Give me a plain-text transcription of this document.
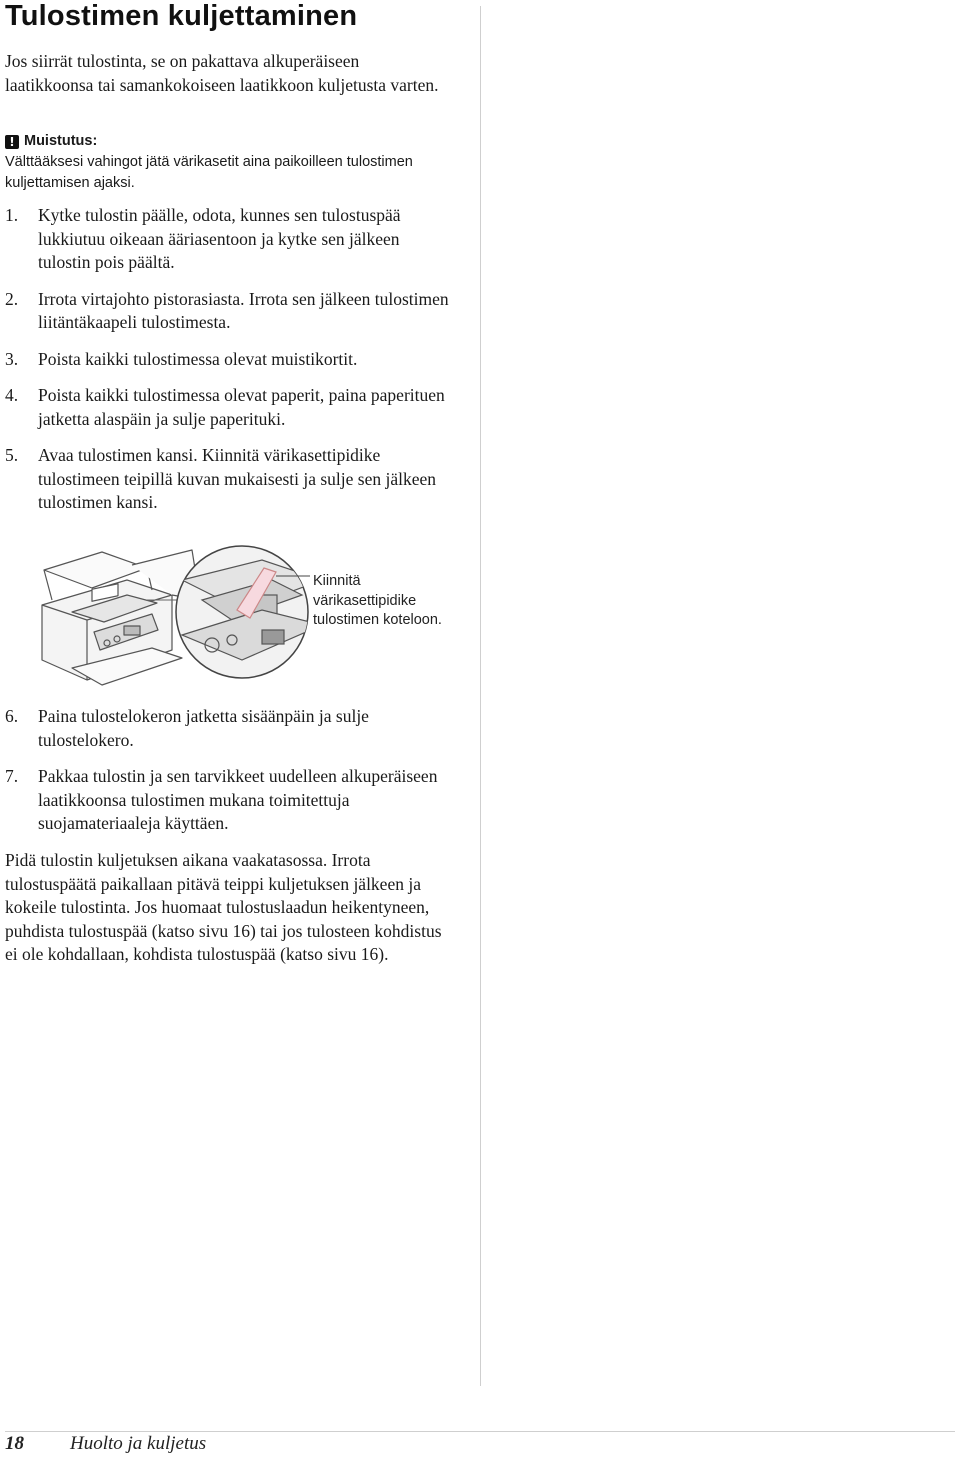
Tulostimen kuljettaminen

Jos siirrät tulostinta, se on pakattava alkuperäiseen laatikkoonsa tai samankokoiseen laatikkoon kuljetusta varten.

! Muistutus:
Välttääksesi vahingot jätä värikasetit aina paikoilleen tulostimen kuljettamisen ajaksi.
1.	Kytke tulostin päälle, odota, kunnes sen tulostuspää lukkiutuu oikeaan ääriasentoon ja kytke sen jälkeen tulostin pois päältä.
2.	Irrota virtajohto pistorasiasta. Irrota sen jälkeen tulostimen liitäntäkaapeli tulostimesta.
3.	Poista kaikki tulostimessa olevat muistikortit.
4.	Poista kaikki tulostimessa olevat paperit, paina paperituen jatketta alaspäin ja sulje paperituki.
5.	Avaa tulostimen kansi. Kiinnitä värikasettipidike tulostimeen teipillä kuvan mukaisesti ja sulje sen jälkeen tulostimen kansi.
Kiinnitä värikasettipidike tulostimen koteloon.
6.	Paina tulostelokeron jatketta sisäänpäin ja sulje tulostelokero.
7.	Pakkaa tulostin ja sen tarvikkeet uudelleen alkuperäiseen laatikkoonsa tulostimen mukana toimitettuja suojamateriaaleja käyttäen.

Pidä tulostin kuljetuksen aikana vaakatasossa. Irrota tulostuspäätä paikallaan pitävä teippi kuljetuksen jälkeen ja kokeile tulostinta. Jos huomaat tulostuslaadun heikentyneen, puhdista tulostuspää (katso sivu 16) tai jos tulosteen kohdistus ei ole kohdallaan, kohdista tulostuspää (katso sivu 16).

18 Huolto ja kuljetus
